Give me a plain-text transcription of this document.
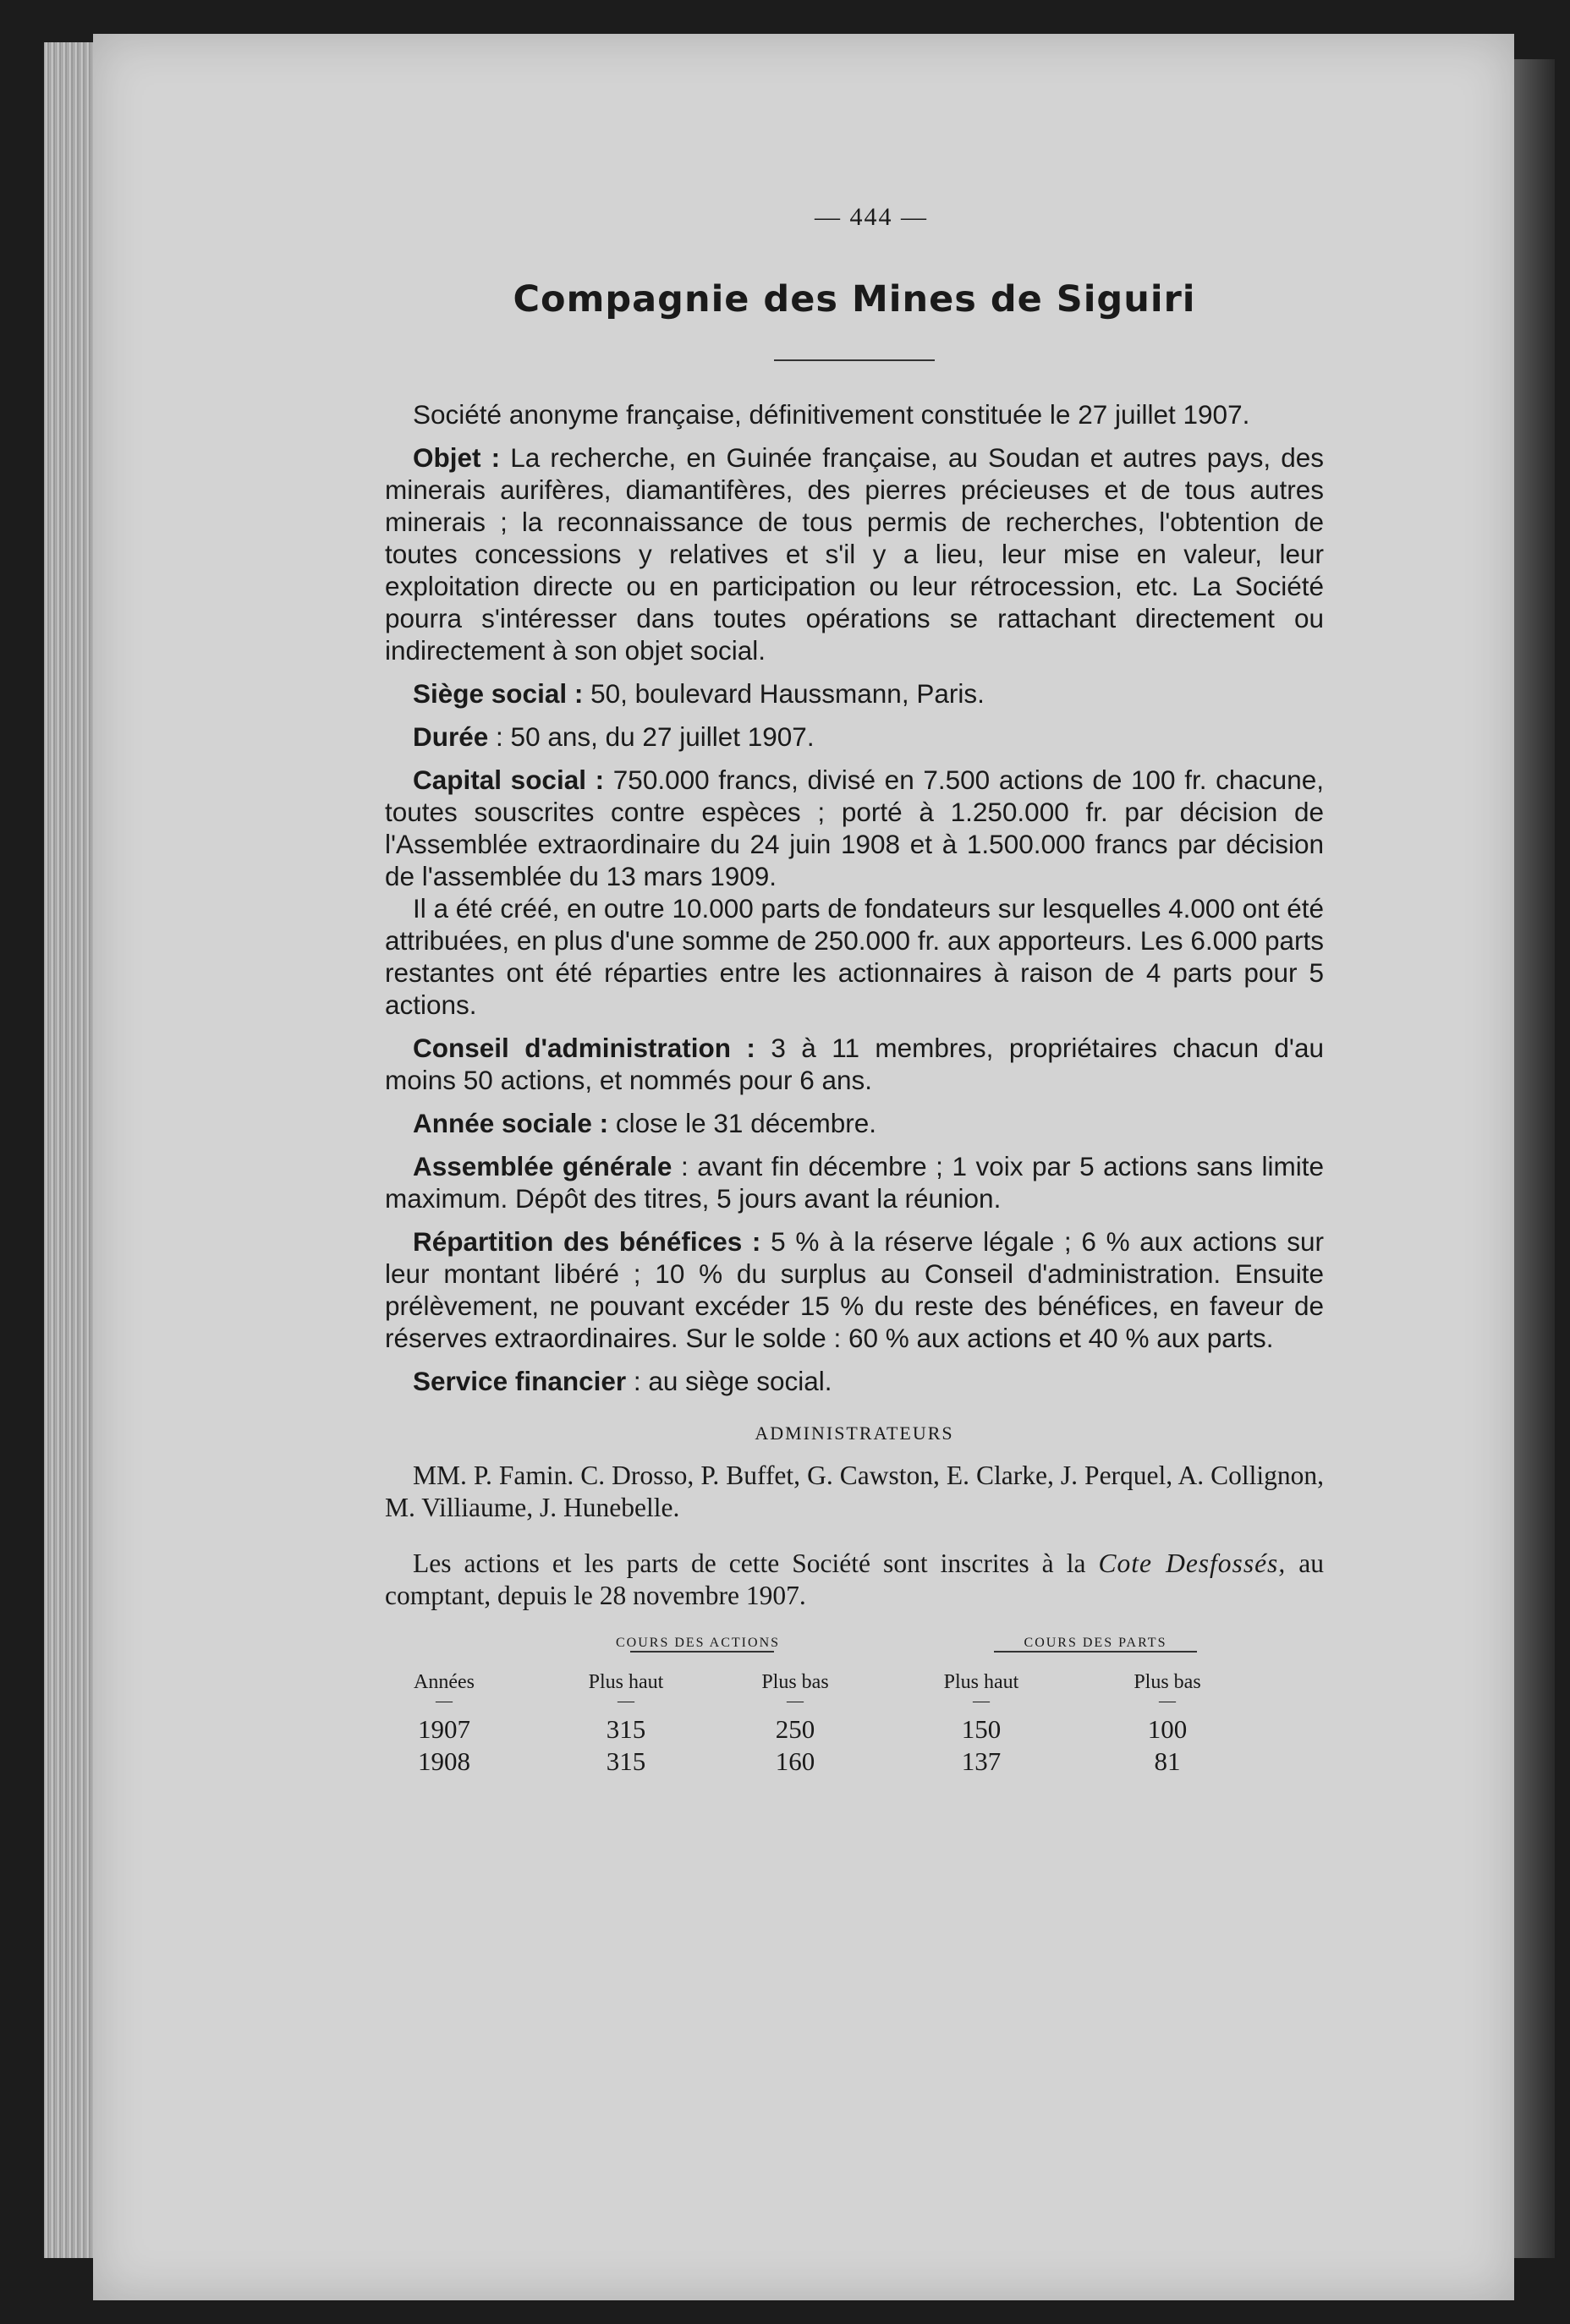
— 444 —
Compagnie des Mines de Siguiri

Société anonyme française, définitivement constituée le 27 juillet 1907.

Objet : La recherche, en Guinée française, au Soudan et autres pays, des minerais aurifères, diamantifères, des pierres précieuses et de tous autres minerais ; la reconnaissance de tous permis de recherches, l'obtention de toutes concessions y relatives et s'il y a lieu, leur mise en valeur, leur exploitation directe ou en participation ou leur rétrocession, etc. La Société pourra s'intéresser dans toutes opérations se rattachant directement ou indirectement à son objet social.

Siège social : 50, boulevard Haussmann, Paris.

Durée : 50 ans, du 27 juillet 1907.

Capital social : 750.000 francs, divisé en 7.500 actions de 100 fr. chacune, toutes souscrites contre espèces ; porté à 1.250.000 fr. par décision de l'Assemblée extraordinaire du 24 juin 1908 et à 1.500.000 francs par décision de l'assemblée du 13 mars 1909.

Il a été créé, en outre 10.000 parts de fondateurs sur lesquelles 4.000 ont été attribuées, en plus d'une somme de 250.000 fr. aux apporteurs. Les 6.000 parts restantes ont été réparties entre les actionnaires à raison de 4 parts pour 5 actions.

Conseil d'administration : 3 à 11 membres, propriétaires chacun d'au moins 50 actions, et nommés pour 6 ans.

Année sociale : close le 31 décembre.

Assemblée générale : avant fin décembre ; 1 voix par 5 actions sans limite maximum. Dépôt des titres, 5 jours avant la réunion.

Répartition des bénéfices : 5 % à la réserve légale ; 6 % aux actions sur leur montant libéré ; 10 % du surplus au Conseil d'administration. Ensuite prélèvement, ne pouvant excéder 15 % du reste des bénéfices, en faveur de réserves extraordinaires. Sur le solde : 60 % aux actions et 40 % aux parts.

Service financier : au siège social.

ADMINISTRATEURS

MM. P. Famin. C. Drosso, P. Buffet, G. Cawston, E. Clarke, J. Perquel, A. Collignon, M. Villiaume, J. Hunebelle.

Les actions et les parts de cette Société sont inscrites à la Cote Desfossés, au comptant, depuis le 28 novembre 1907.

COURS DES ACTIONS	COURS DES PARTS
Années	Plus haut	Plus bas	Plus haut	Plus bas
—	—	—	—	—
1907	315	250	150	100
1908	315	160	137	81
